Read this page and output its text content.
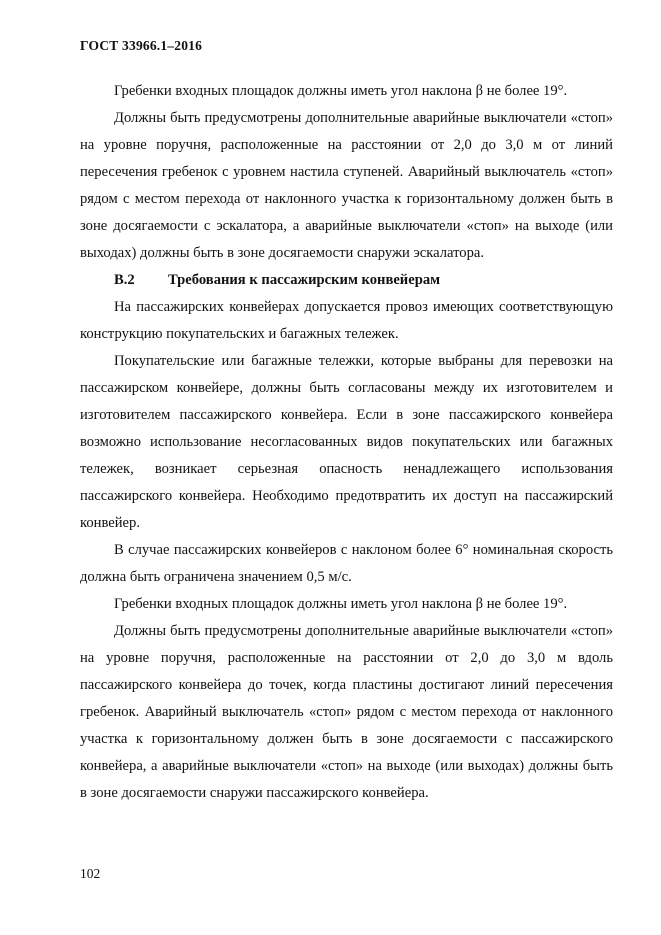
ГОСТ 33966.1–2016

Гребенки входных площадок должны иметь угол наклона β не более 19°.

Должны быть предусмотрены дополнительные аварийные выключатели «стоп» на уровне поручня, расположенные на расстоянии от 2,0 до 3,0 м от линий пересечения гребенок с уровнем настила ступеней. Аварийный выключатель «стоп» рядом с местом перехода от наклонного участка к горизонтальному должен быть в зоне досягаемости с эскалатора, а аварийные выключатели «стоп» на выходе (или выходах) должны быть в зоне досягаемости снаружи эскалатора.

B.2 Требования к пассажирским конвейерам

На пассажирских конвейерах допускается провоз имеющих соответствующую конструкцию покупательских и багажных тележек.

Покупательские или багажные тележки, которые выбраны для перевозки на пассажирском конвейере, должны быть согласованы между их изготовителем и изготовителем пассажирского конвейера. Если в зоне пассажирского конвейера возможно использование несогласованных видов покупательских или багажных тележек, возникает серьезная опасность ненадлежащего использования пассажирского конвейера. Необходимо предотвратить их доступ на пассажирский конвейер.

В случае пассажирских конвейеров с наклоном более 6° номинальная скорость должна быть ограничена значением 0,5 м/с.

Гребенки входных площадок должны иметь угол наклона β не более 19°.

Должны быть предусмотрены дополнительные аварийные выключатели «стоп» на уровне поручня, расположенные на расстоянии от 2,0 до 3,0 м вдоль пассажирского конвейера до точек, когда пластины достигают линий пересечения гребенок. Аварийный выключатель «стоп» рядом с местом перехода от наклонного участка к горизонтальному должен быть в зоне досягаемости с пассажирского конвейера, а аварийные выключатели «стоп» на выходе (или выходах) должны быть в зоне досягаемости снаружи пассажирского конвейера.

102
